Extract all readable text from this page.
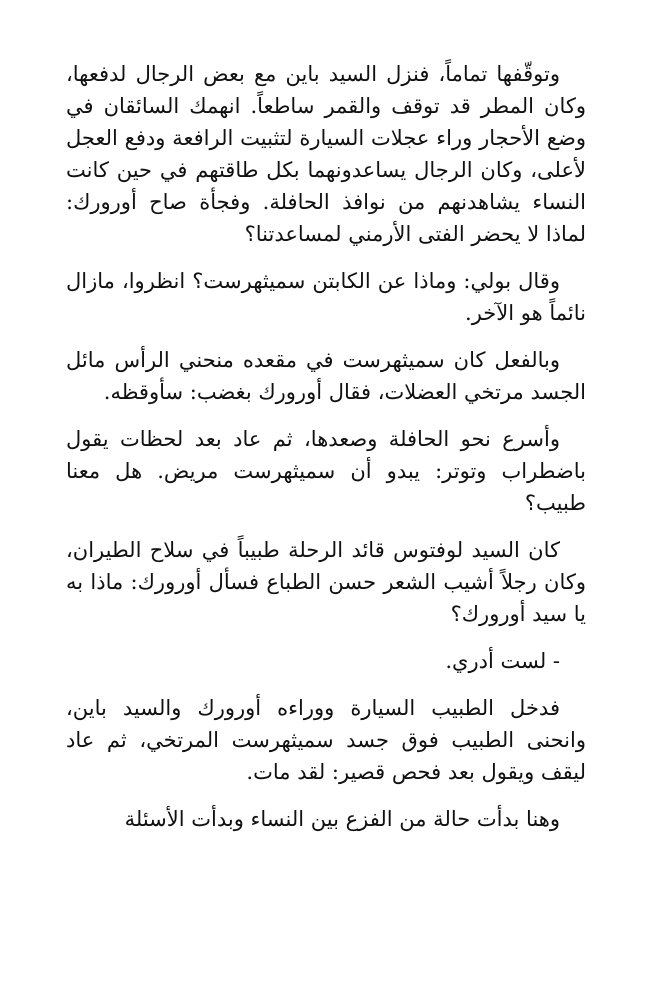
وتوقّفها تماماً، فنزل السيد باين مع بعض الرجال لدفعها، وكان المطر قد توقف والقمر ساطعاً. انهمك السائقان في وضع الأحجار وراء عجلات السيارة لتثبيت الرافعة ودفع العجل لأعلى، وكان الرجال يساعدونهما بكل طاقتهم في حين كانت النساء يشاهدنهم من نوافذ الحافلة. وفجأة صاح أورورك: لماذا لا يحضر الفتى الأرمني لمساعدتنا؟

وقال بولي: وماذا عن الكابتن سميثهرست؟ انظروا، مازال نائماً هو الآخر.

وبالفعل كان سميثهرست في مقعده منحني الرأس مائل الجسد مرتخي العضلات، فقال أورورك بغضب: سأوقظه.

وأسرع نحو الحافلة وصعدها، ثم عاد بعد لحظات يقول باضطراب وتوتر: يبدو أن سميثهرست مريض. هل معنا طبيب؟

كان السيد لوفتوس قائد الرحلة طبيباً في سلاح الطيران، وكان رجلاً أشيب الشعر حسن الطباع فسأل أورورك: ماذا به يا سيد أورورك؟

- لست أدري.

فدخل الطبيب السيارة ووراءه أورورك والسيد باين، وانحنى الطبيب فوق جسد سميثهرست المرتخي، ثم عاد ليقف ويقول بعد فحص قصير: لقد مات.

وهنا بدأت حالة من الفزع بين النساء وبدأت الأسئلة
